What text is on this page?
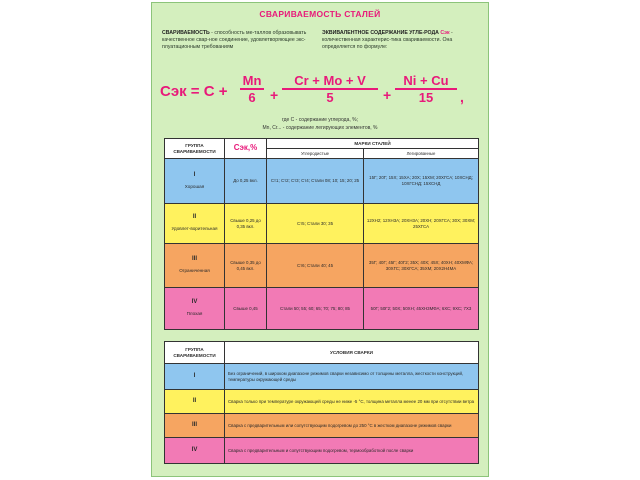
СВАРИВАЕМОСТЬ СТАЛЕЙ
СВАРИВАЕМОСТЬ - способность ме-таллов образовывать качественное свар-ное соединение, удовлетворяющее экс-плуатационным требованиям
ЭКВИВАЛЕНТНОЕ СОДЕРЖАНИЕ УГЛЕ-РОДА Сэк - количественная характерис-тика свариваемости. Она определяется по формуле:
Сэк = $С + \frac{Mn}{6} + \frac{Cr + Mo + V}{5} + \frac{Ni + Cu}{15}$ ,
где С - содержание углерода, %;
Mn, Cr... - содержание легирующих элементов, %
ГРУППА СВАРИВАЕМОСТИ	Сэк,%	МАРКИ СТАЛЕЙ	
		Углеродистые	Легированные

I

Хорошая	До 0,25 вкл.	Ст1; Ст2; Ст3; Ст4; Стали 08; 10; 15; 20; 25	15Г; 20Г; 15Х; 15ХА; 20Х; 15ХМ; 20ХГСА; 10ХСНД; 10ХГСНД; 15ХСНД

II

Удовлет-ворительная	Свыше 0,25 до 0,35 вкл.	Ст5; Стали 30; 35	12ХН2; 12ХН3А; 20ХН3А; 20ХН; 20ХГСА; 30Х; 30ХМ; 25ХГСА

III

Ограниченная	Свыше 0,35 до 0,45 вкл.	Ст6; Стали 40; 45	35Г; 40Г; 45Г; 40Г2; 35Х; 40Х; 45Х; 40ХН; 40ХМФА; 30ХГС; 30ХГСА; 35ХМ; 20Х2Н4МА

IV

Плохая	Свыше 0,45	Стали 50; 55; 60; 65; 70; 75; 80; 85	50Г; 50Г2; 50Х; 50ХН; 45ХН3МФА; 6ХС; 9ХС; 7Х3
ГРУППА СВАРИВАЕМОСТИ	УСЛОВИЯ СВАРКИ

I	Без ограничений, в широком диапазоне режимов сварки независимо от толщины металла, жесткости конструкций, температуры окружающей среды

II	Сварка только при температуре окружающей среды не ниже -5 °С, толщина металла менее 20 мм при отсутствии ветра

III	Сварка с предварительным или сопутствующим подогревом до 250 °С в жестком диапазоне режимов сварки

IV	Сварка с предварительным и сопутствующим подогревом, термообработкой после сварки
